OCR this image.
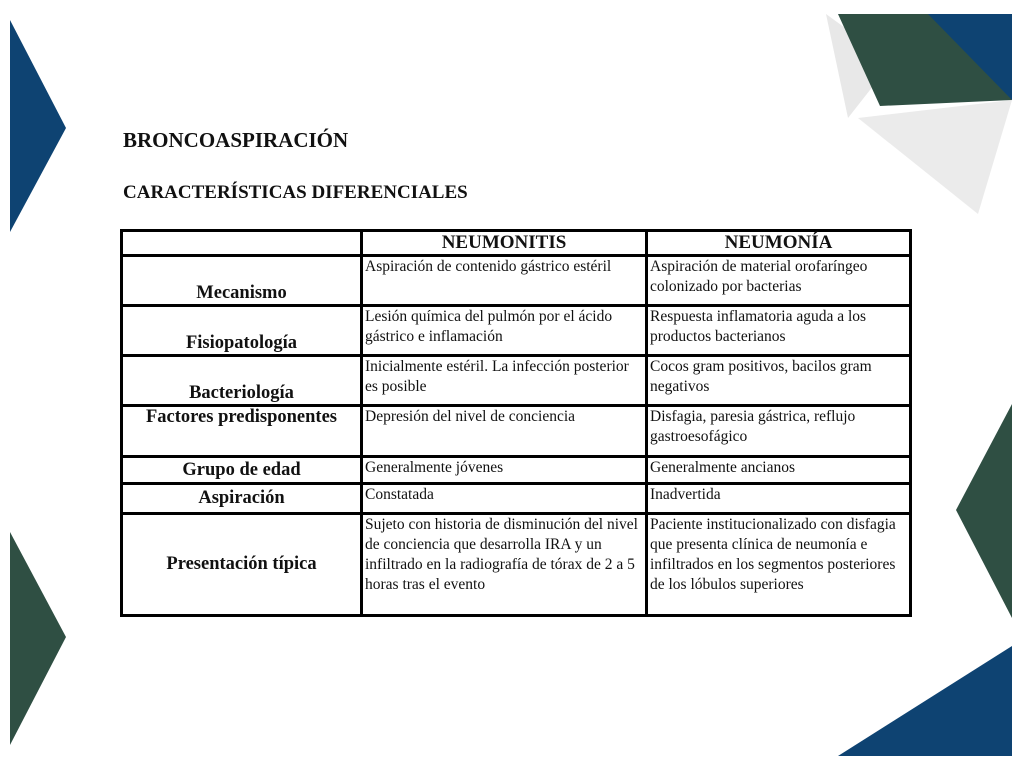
BRONCOASPIRACIÓN
CARACTERÍSTICAS DIFERENCIALES
	NEUMONITIS	NEUMONÍA
Mecanismo	Aspiración de contenido gástrico estéril	Aspiración de material orofaríngeo colonizado por bacterias
Fisiopatología	Lesión química del pulmón por el ácido gástrico e inflamación	Respuesta inflamatoria aguda a los productos bacterianos
Bacteriología	Inicialmente estéril. La infección posterior es posible	Cocos gram positivos, bacilos gram negativos
Factores predisponentes	Depresión del nivel de conciencia	Disfagia, paresia gástrica, reflujo gastroesofágico
Grupo de edad	Generalmente jóvenes	Generalmente ancianos
Aspiración	Constatada	Inadvertida
Presentación típica	Sujeto con historia de disminución del nivel de conciencia que desarrolla IRA y un infiltrado en la radiografía de tórax de 2 a 5 horas tras el evento	Paciente institucionalizado con disfagia que presenta clínica de neumonía e infiltrados en los segmentos posteriores de los lóbulos superiores
